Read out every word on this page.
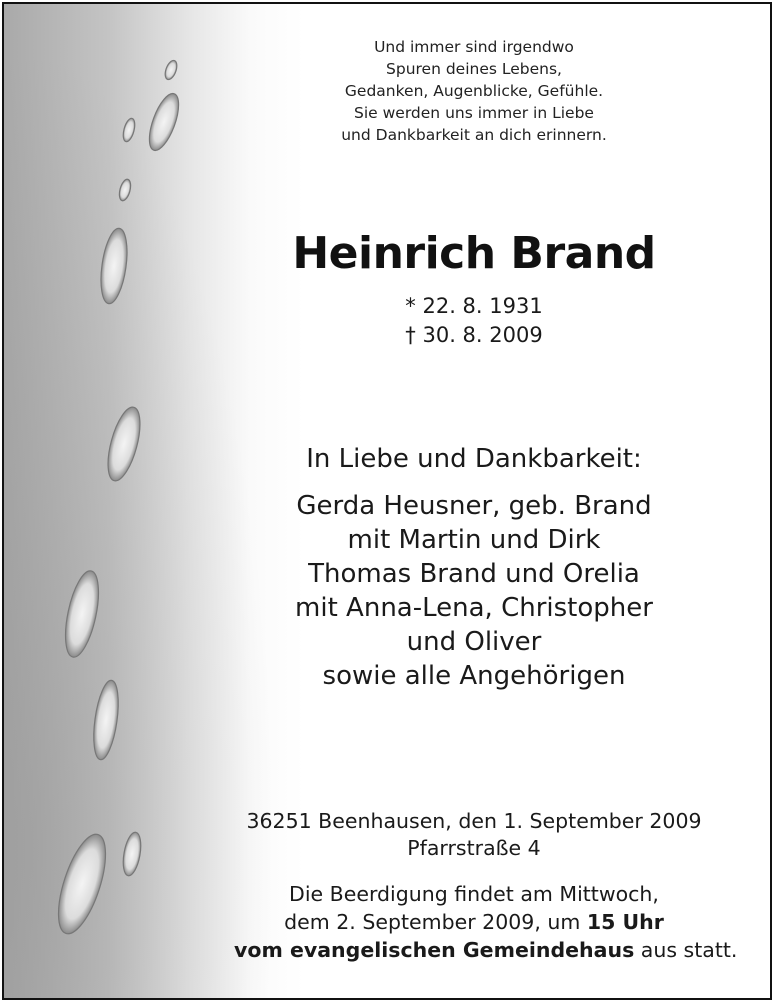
Und immer sind irgendwo
Spuren deines Lebens,
Gedanken, Augenblicke, Gefühle.
Sie werden uns immer in Liebe
und Dankbarkeit an dich erinnern.
Heinrich Brand
* 22. 8. 1931
† 30. 8. 2009
In Liebe und Dankbarkeit:
Gerda Heusner, geb. Brand
mit Martin und Dirk
Thomas Brand und Orelia
mit Anna-Lena, Christopher
und Oliver
sowie alle Angehörigen
36251 Beenhausen, den 1. September 2009
Pfarrstraße 4
Die Beerdigung findet am Mittwoch,
dem 2. September 2009, um 15 Uhr
vom evangelischen Gemeindehaus aus statt.
